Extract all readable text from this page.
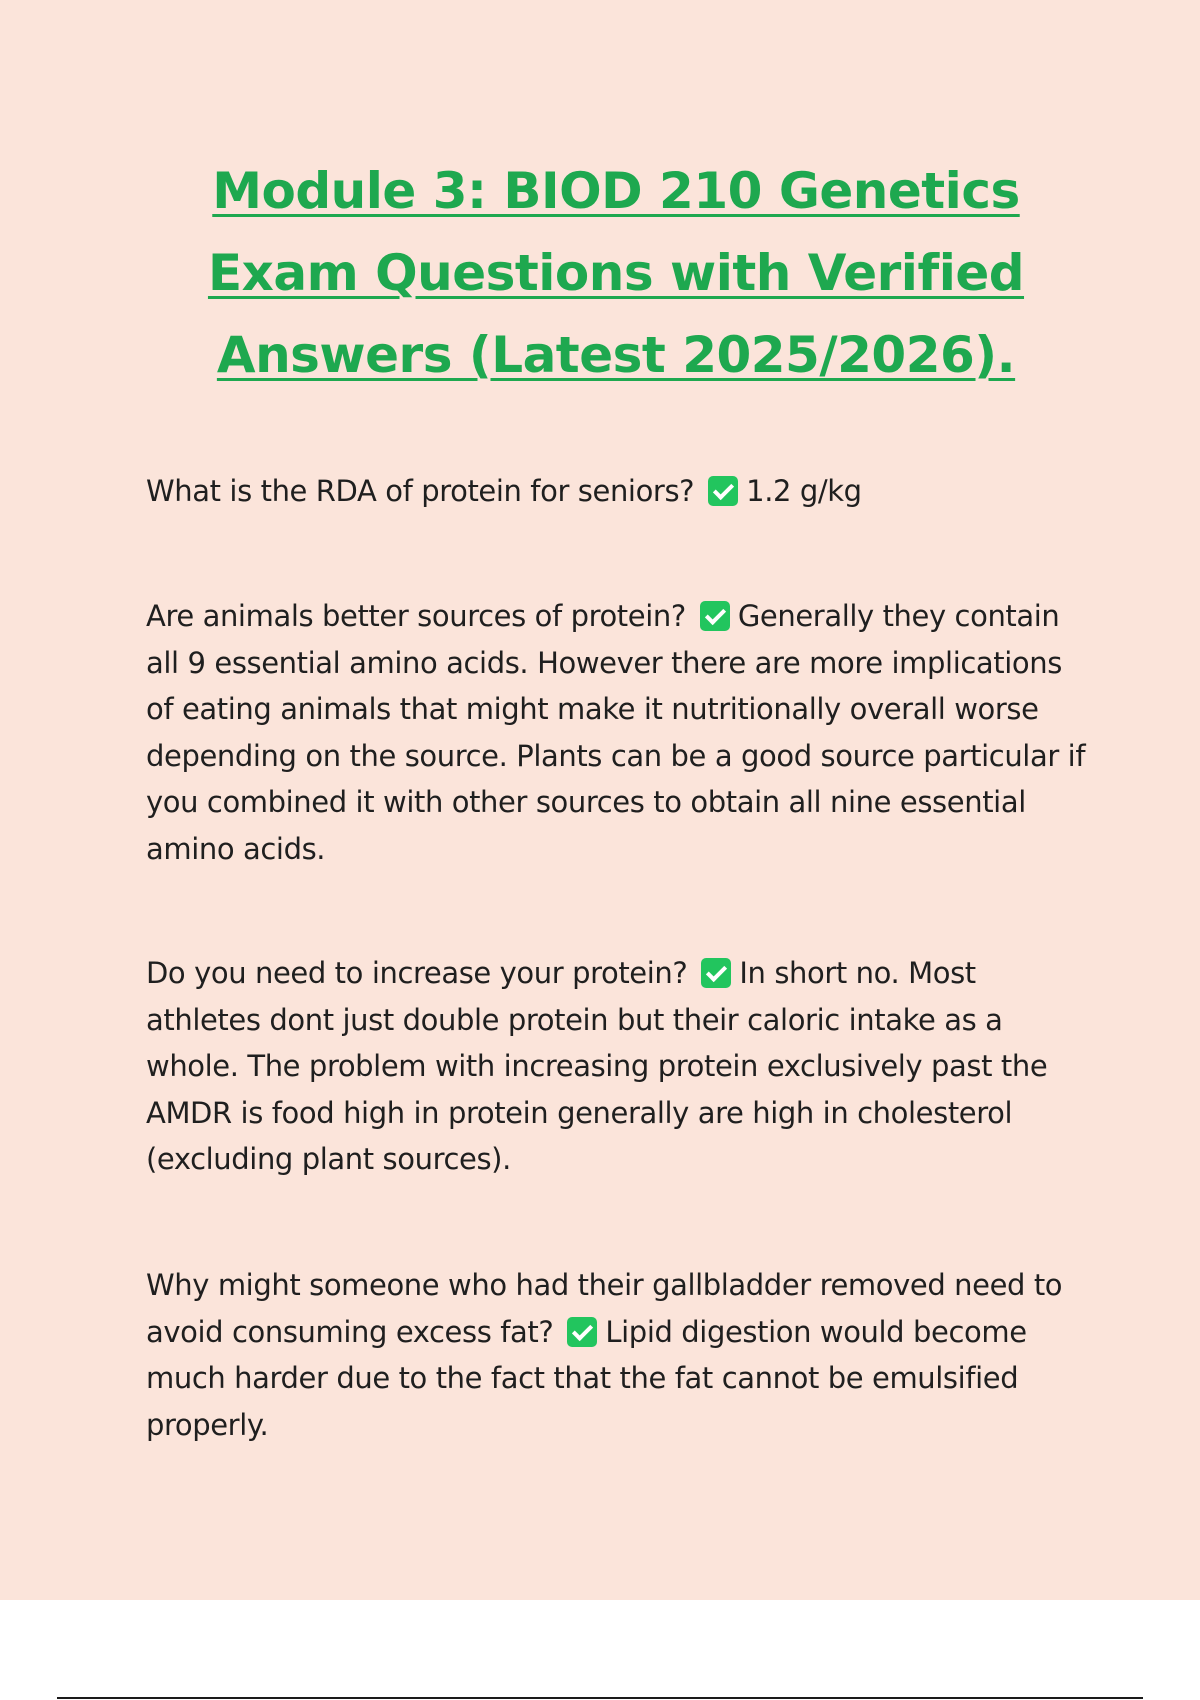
Module 3: BIOD 210 Genetics Exam Questions with Verified Answers (Latest 2025/2026).

What is the RDA of protein for seniors? 1.2 g/kg

Are animals better sources of protein? Generally they contain all 9 essential amino acids. However there are more implications of eating animals that might make it nutritionally overall worse depending on the source. Plants can be a good source particular if you combined it with other sources to obtain all nine essential amino acids.

Do you need to increase your protein? In short no. Most athletes dont just double protein but their caloric intake as a whole. The problem with increasing protein exclusively past the AMDR is food high in protein generally are high in cholesterol (excluding plant sources).

Why might someone who had their gallbladder removed need to avoid consuming excess fat? Lipid digestion would become much harder due to the fact that the fat cannot be emulsified properly.
